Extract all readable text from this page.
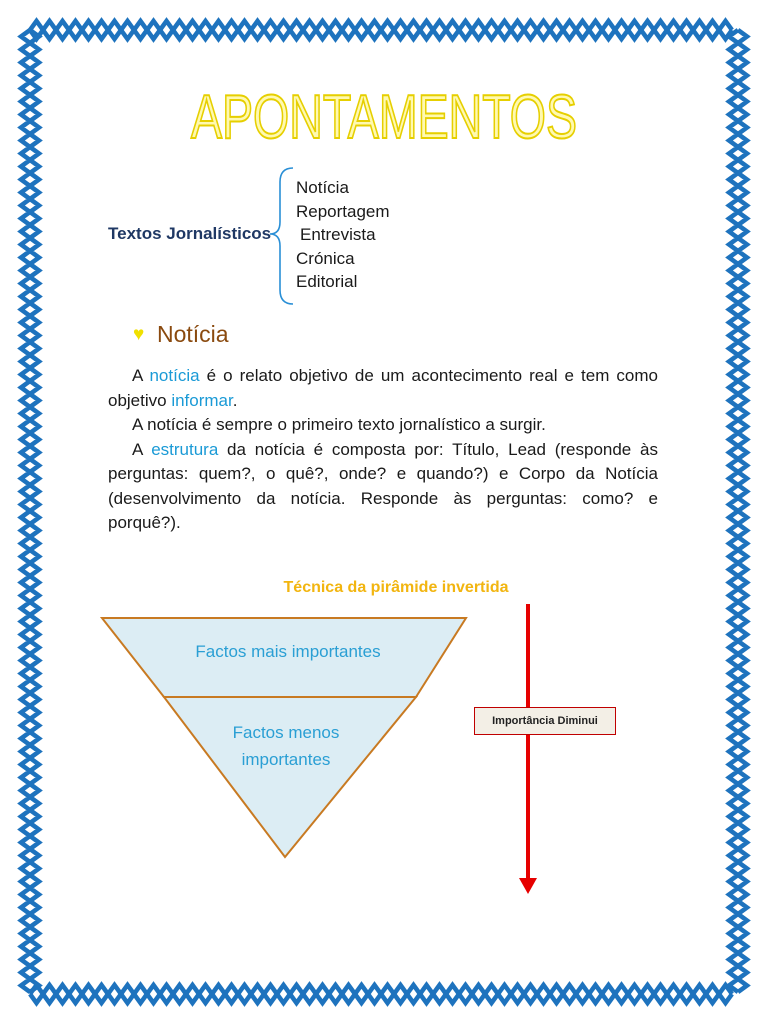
APONTAMENTOS
Textos Jornalísticos
Notícia
Reportagem
Entrevista
Crónica
Editorial
♥ Notícia

A notícia é o relato objetivo de um acontecimento real e tem como objetivo informar.

A notícia é sempre o primeiro texto jornalístico a surgir.

A estrutura da notícia é composta por: Título, Lead (responde às perguntas: quem?, o quê?, onde? e quando?) e Corpo da Notícia (desenvolvimento da notícia. Responde às perguntas: como? e porquê?).

Técnica da pirâmide invertida
Factos mais importantes
Factos menos importantes
Importância Diminui
